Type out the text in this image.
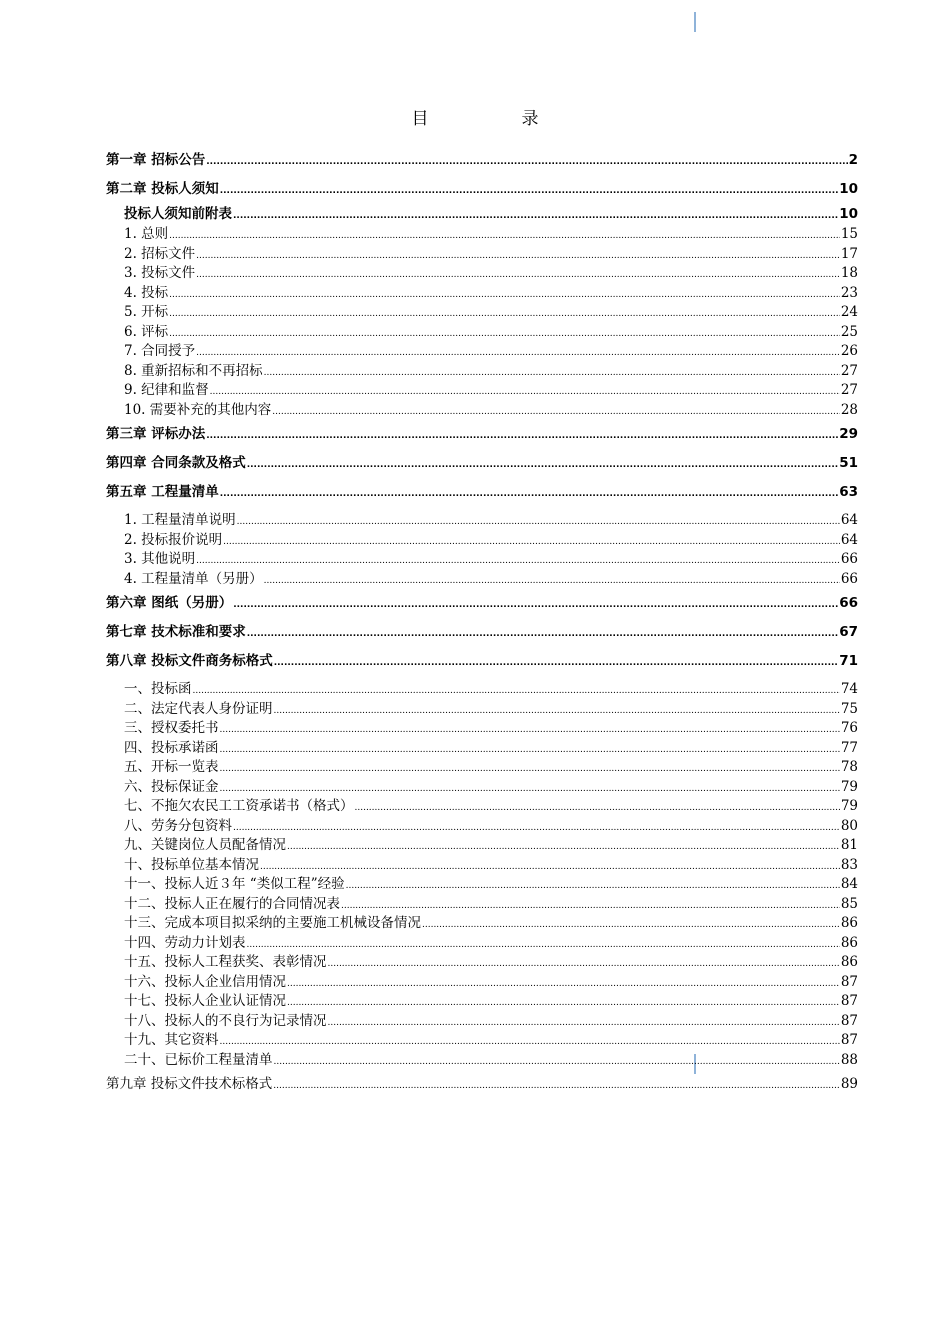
目　录
第一章 招标公告 .....	2
第二章 投标人须知 .....	10
投标人须知前附表 .....	10
1. 总则 .....	15
2. 招标文件 .....	17
3. 投标文件 .....	18
4. 投标 .....	23
5. 开标 .....	24
6. 评标 .....	25
7. 合同授予 .....	26
8. 重新招标和不再招标 .....	27
9. 纪律和监督 .....	27
10. 需要补充的其他内容 .....	28
第三章 评标办法 .....	29
第四章 合同条款及格式 .....	51
第五章 工程量清单 .....	63
1. 工程量清单说明 .....	64
2. 投标报价说明 .....	64
3. 其他说明 .....	66
4. 工程量清单（另册） .....	66
第六章 图纸（另册） .....	66
第七章 技术标准和要求 .....	67
第八章 投标文件商务标格式 .....	71
一、投标函 .....	74
二、法定代表人身份证明 .....	75
三、授权委托书 .....	76
四、投标承诺函 .....	77
五、开标一览表 .....	78
六、投标保证金 .....	79
七、不拖欠农民工工资承诺书（格式） .....	79
八、劳务分包资料 .....	80
九、关键岗位人员配备情况 .....	81
十、投标单位基本情况 .....	83
十一、投标人近３年 “类似工程”经验 .....	84
十二、投标人正在履行的合同情况表 .....	85
十三、完成本项目拟采纳的主要施工机械设备情况 .....	86
十四、劳动力计划表 .....	86
十五、投标人工程获奖、表彰情况 .....	86
十六、投标人企业信用情况 .....	87
十七、投标人企业认证情况 .....	87
十八、投标人的不良行为记录情况 .....	87
十九、其它资料 .....	87
二十、已标价工程量清单 .....	88
第九章 投标文件技术标格式 .....	89
